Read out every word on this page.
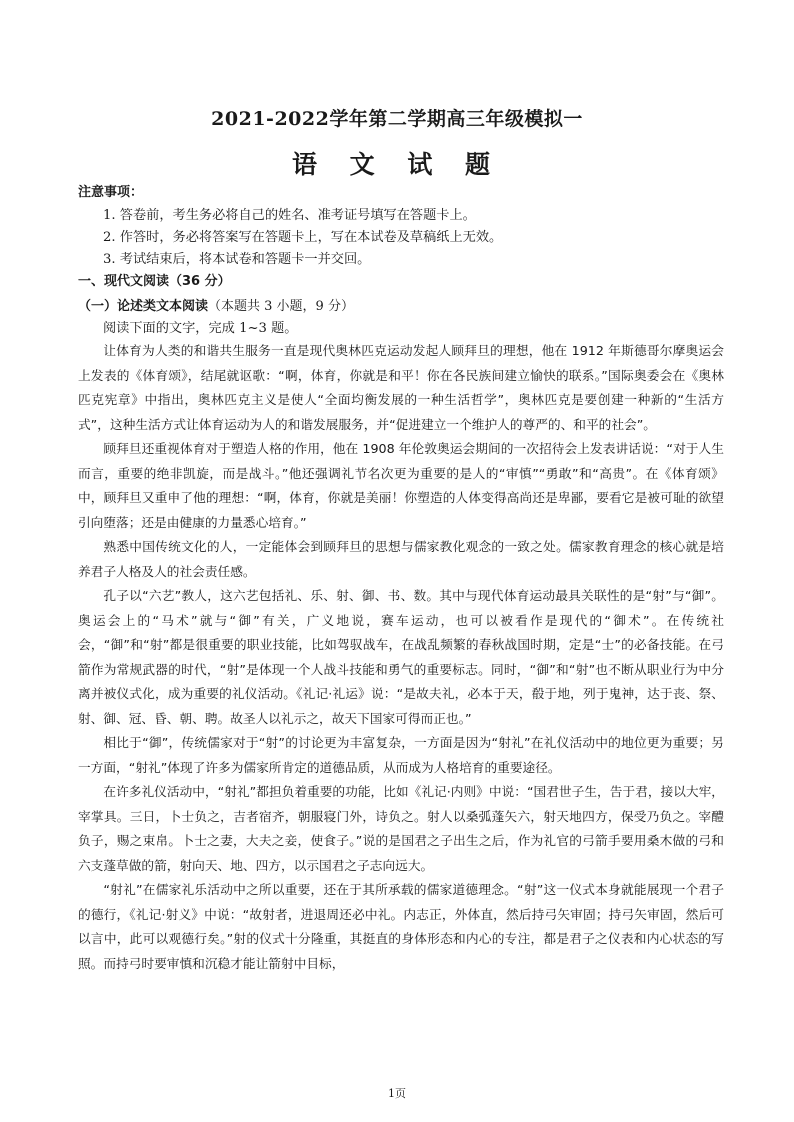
2021-2022学年第二学期高三年级模拟一
语 文 试 题
注意事项：
1. 答卷前，考生务必将自己的姓名、准考证号填写在答题卡上。
2. 作答时，务必将答案写在答题卡上，写在本试卷及草稿纸上无效。
3. 考试结束后，将本试卷和答题卡一并交回。
一、现代文阅读（36 分）
（一）论述类文本阅读（本题共 3 小题，9 分）
阅读下面的文字，完成 1~3 题。

让体育为人类的和谐共生服务一直是现代奥林匹克运动发起人顾拜旦的理想，他在 1912 年斯德哥尔摩奥运会上发表的《体育颂》，结尾就讴歌：“啊，体育，你就是和平！你在各民族间建立愉快的联系。”国际奥委会在《奥林匹克宪章》中指出，奥林匹克主义是使人“全面均衡发展的一种生活哲学”，奥林匹克是要创建一种新的“生活方式”，这种生活方式让体育运动为人的和谐发展服务，并“促进建立一个维护人的尊严的、和平的社会”。

顾拜旦还重视体育对于塑造人格的作用，他在 1908 年伦敦奥运会期间的一次招待会上发表讲话说：“对于人生而言，重要的绝非凯旋，而是战斗。”他还强调礼节名次更为重要的是人的“审慎”“勇敢”和“高贵”。在《体育颂》中，顾拜旦又重申了他的理想：“啊，体育，你就是美丽！你塑造的人体变得高尚还是卑鄙，要看它是被可耻的欲望引向堕落；还是由健康的力量悉心培育。”

熟悉中国传统文化的人，一定能体会到顾拜旦的思想与儒家教化观念的一致之处。儒家教育理念的核心就是培养君子人格及人的社会责任感。

孔子以“六艺”教人，这六艺包括礼、乐、射、御、书、数。其中与现代体育运动最具关联性的是“射”与“御”。奥运会上的“马术”就与“御”有关，广义地说，赛车运动，也可以被看作是现代的“御术”。在传统社会，“御”和“射”都是很重要的职业技能，比如驾驭战车，在战乱频繁的春秋战国时期，定是“士”的必备技能。在弓箭作为常规武器的时代，“射”是体现一个人战斗技能和勇气的重要标志。同时，“御”和“射”也不断从职业行为中分离并被仪式化，成为重要的礼仪活动。《礼记·礼运》说：“是故夫礼，必本于天，殽于地，列于鬼神，达于丧、祭、射、御、冠、昏、朝、聘。故圣人以礼示之，故天下国家可得而正也。”

相比于“御”，传统儒家对于“射”的讨论更为丰富复杂，一方面是因为“射礼”在礼仪活动中的地位更为重要；另一方面，“射礼”体现了许多为儒家所肯定的道德品质，从而成为人格培育的重要途径。

在许多礼仪活动中，“射礼”都担负着重要的功能，比如《礼记·内则》中说：“国君世子生，告于君，接以大牢，宰掌具。三日，卜士负之，吉者宿齐，朝服寝门外，诗负之。射人以桑弧蓬矢六，射天地四方，保受乃负之。宰醴负子，赐之束帛。卜士之妻，大夫之妾，使食子。”说的是国君之子出生之后，作为礼官的弓箭手要用桑木做的弓和六支蓬草做的箭，射向天、地、四方，以示国君之子志向远大。

“射礼”在儒家礼乐活动中之所以重要，还在于其所承载的儒家道德理念。“射”这一仪式本身就能展现一个君子的德行，《礼记·射义》中说：“故射者，进退周还必中礼。内志正，外体直，然后持弓矢审固；持弓矢审固，然后可以言中，此可以观德行矣。”射的仪式十分隆重，其挺直的身体形态和内心的专注，都是君子之仪表和内心状态的写照。而持弓时要审慎和沉稳才能让箭射中目标，

1页
